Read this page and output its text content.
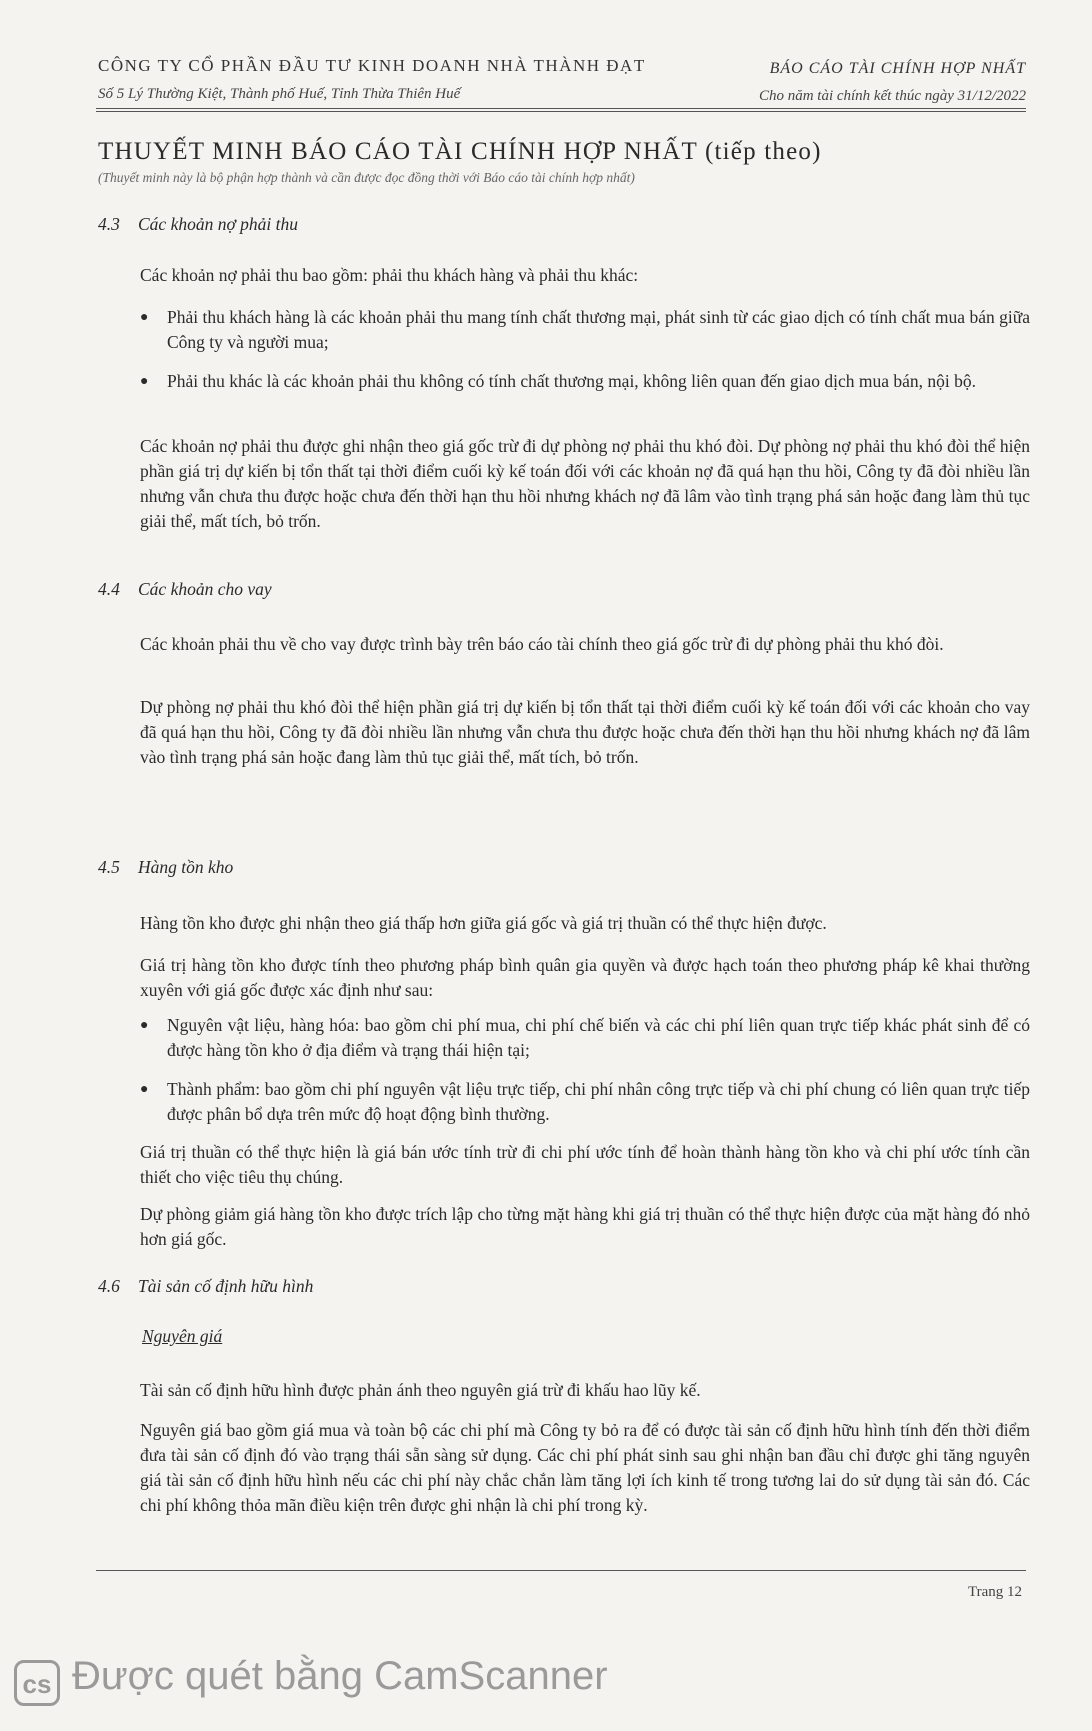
CÔNG TY CỔ PHẦN ĐẦU TƯ KINH DOANH NHÀ THÀNH ĐẠT
Số 5 Lý Thường Kiệt, Thành phố Huế, Tỉnh Thừa Thiên Huế
BÁO CÁO TÀI CHÍNH HỢP NHẤT
Cho năm tài chính kết thúc ngày 31/12/2022
THUYẾT MINH BÁO CÁO TÀI CHÍNH HỢP NHẤT (tiếp theo)
(Thuyết minh này là bộ phận hợp thành và cần được đọc đồng thời với Báo cáo tài chính hợp nhất)
4.3 Các khoản nợ phải thu

Các khoản nợ phải thu bao gồm: phải thu khách hàng và phải thu khác:

● Phải thu khách hàng là các khoản phải thu mang tính chất thương mại, phát sinh từ các giao dịch có tính chất mua bán giữa Công ty và người mua;
● Phải thu khác là các khoản phải thu không có tính chất thương mại, không liên quan đến giao dịch mua bán, nội bộ.

Các khoản nợ phải thu được ghi nhận theo giá gốc trừ đi dự phòng nợ phải thu khó đòi. Dự phòng nợ phải thu khó đòi thể hiện phần giá trị dự kiến bị tổn thất tại thời điểm cuối kỳ kế toán đối với các khoản nợ đã quá hạn thu hồi, Công ty đã đòi nhiều lần nhưng vẫn chưa thu được hoặc chưa đến thời hạn thu hồi nhưng khách nợ đã lâm vào tình trạng phá sản hoặc đang làm thủ tục giải thể, mất tích, bỏ trốn.

4.4 Các khoản cho vay

Các khoản phải thu về cho vay được trình bày trên báo cáo tài chính theo giá gốc trừ đi dự phòng phải thu khó đòi.

Dự phòng nợ phải thu khó đòi thể hiện phần giá trị dự kiến bị tổn thất tại thời điểm cuối kỳ kế toán đối với các khoản cho vay đã quá hạn thu hồi, Công ty đã đòi nhiều lần nhưng vẫn chưa thu được hoặc chưa đến thời hạn thu hồi nhưng khách nợ đã lâm vào tình trạng phá sản hoặc đang làm thủ tục giải thể, mất tích, bỏ trốn.

4.5 Hàng tồn kho

Hàng tồn kho được ghi nhận theo giá thấp hơn giữa giá gốc và giá trị thuần có thể thực hiện được.

Giá trị hàng tồn kho được tính theo phương pháp bình quân gia quyền và được hạch toán theo phương pháp kê khai thường xuyên với giá gốc được xác định như sau:

● Nguyên vật liệu, hàng hóa: bao gồm chi phí mua, chi phí chế biến và các chi phí liên quan trực tiếp khác phát sinh để có được hàng tồn kho ở địa điểm và trạng thái hiện tại;
● Thành phẩm: bao gồm chi phí nguyên vật liệu trực tiếp, chi phí nhân công trực tiếp và chi phí chung có liên quan trực tiếp được phân bổ dựa trên mức độ hoạt động bình thường.

Giá trị thuần có thể thực hiện là giá bán ước tính trừ đi chi phí ước tính để hoàn thành hàng tồn kho và chi phí ước tính cần thiết cho việc tiêu thụ chúng.

Dự phòng giảm giá hàng tồn kho được trích lập cho từng mặt hàng khi giá trị thuần có thể thực hiện được của mặt hàng đó nhỏ hơn giá gốc.

4.6 Tài sản cố định hữu hình
Nguyên giá

Tài sản cố định hữu hình được phản ánh theo nguyên giá trừ đi khấu hao lũy kế.

Nguyên giá bao gồm giá mua và toàn bộ các chi phí mà Công ty bỏ ra để có được tài sản cố định hữu hình tính đến thời điểm đưa tài sản cố định đó vào trạng thái sẵn sàng sử dụng. Các chi phí phát sinh sau ghi nhận ban đầu chỉ được ghi tăng nguyên giá tài sản cố định hữu hình nếu các chi phí này chắc chắn làm tăng lợi ích kinh tế trong tương lai do sử dụng tài sản đó. Các chi phí không thỏa mãn điều kiện trên được ghi nhận là chi phí trong kỳ.

Trang 12
cs Được quét bằng CamScanner
